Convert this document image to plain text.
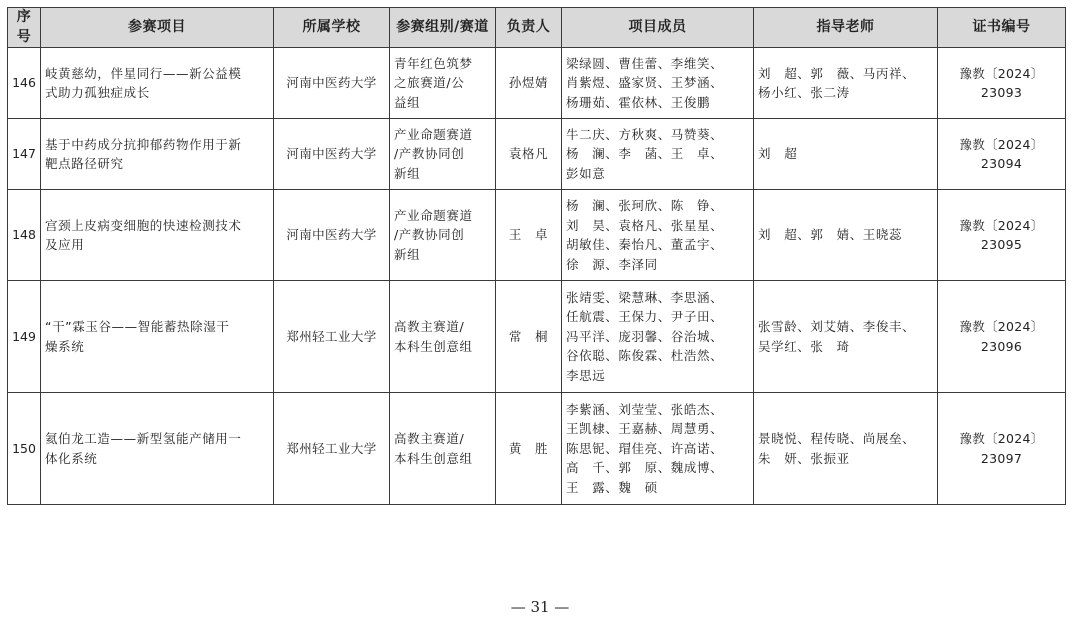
序号	参赛项目	所属学校	参赛组别/赛道	负责人	项目成员	指导老师	证书编号
146	岐黄慈幼，伴星同行——新公益模
式助力孤独症成长	河南中医药大学	青年红色筑梦
之旅赛道/公
益组	孙煜婧	梁绿圆、曹佳蕾、李维笑、
肖紫煜、盛家贤、王梦涵、
杨珊茹、霍依林、王俊鹏	刘　超、郭　薇、马丙祥、
杨小红、张二涛	豫教〔2024〕23093
147	基于中药成分抗抑郁药物作用于新
靶点路径研究	河南中医药大学	产业命题赛道
/产教协同创
新组	袁格凡	牛二庆、方秋爽、马赞葵、
杨　澜、李　菡、王　卓、
彭如意	刘　超	豫教〔2024〕23094
148	宫颈上皮病变细胞的快速检测技术
及应用	河南中医药大学	产业命题赛道
/产教协同创
新组	王　卓	杨　澜、张珂欣、陈　铮、
刘　昊、袁格凡、张星星、
胡敏佳、秦怡凡、董孟宇、
徐　源、李泽同	刘　超、郭　婧、王晓蕊	豫教〔2024〕23095
149	“干”霖玉谷——智能蓄热除湿干
燥系统	郑州轻工业大学	高教主赛道/
本科生创意组	常　桐	张靖雯、梁慧琳、李思涵、
任航震、王保力、尹子田、
冯平洋、庞羽馨、谷治城、
谷依聪、陈俊霖、杜浩然、
李思远	张雪龄、刘艾婧、李俊丰、
吴学红、张　琦	豫教〔2024〕23096
150	氦伯龙工造——新型氢能产储用一
体化系统	郑州轻工业大学	高教主赛道/
本科生创意组	黄　胜	李紫涵、刘莹莹、张皓杰、
王凯棣、王嘉赫、周慧勇、
陈思铌、瑁佳亮、许高诺、
高　千、郭　原、魏成博、
王　露、魏　硕	景晓悦、程传晓、尚展垒、
朱　妍、张振亚	豫教〔2024〕23097
— 31 —
